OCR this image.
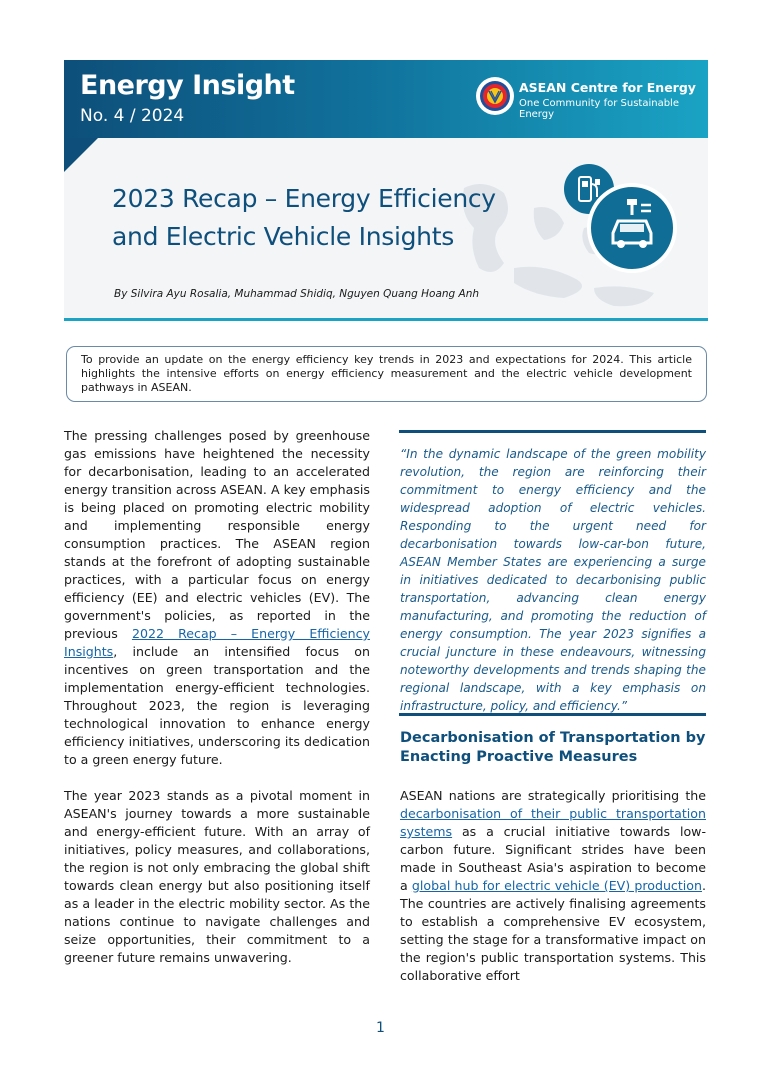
Energy Insight
No. 4 / 2024
ASEAN Centre for Energy
One Community for Sustainable Energy
2023 Recap – Energy Efficiency
and Electric Vehicle Insights
By Silvira Ayu Rosalia, Muhammad Shidiq, Nguyen Quang Hoang Anh
To provide an update on the energy efficiency key trends in 2023 and expectations for 2024. This article highlights the intensive efforts on energy efficiency measurement and the electric vehicle development pathways in ASEAN.

The pressing challenges posed by greenhouse gas emissions have heightened the necessity for decarbonisation, leading to an accelerated energy transition across ASEAN. A key emphasis is being placed on promoting electric mobility and implementing responsible energy consumption practices. The ASEAN region stands at the forefront of adopting sustainable practices, with a particular focus on energy efficiency (EE) and electric vehicles (EV). The government's policies, as reported in the previous 2022 Recap – Energy Efficiency Insights, include an intensified focus on incentives on green transportation and the implementation energy-efficient technologies. Throughout 2023, the region is leveraging technological innovation to enhance energy efficiency initiatives, underscoring its dedication to a green energy future.

The year 2023 stands as a pivotal moment in ASEAN's journey towards a more sustainable and energy-efficient future. With an array of initiatives, policy measures, and collaborations, the region is not only embracing the global shift towards clean energy but also positioning itself as a leader in the electric mobility sector. As the nations continue to navigate challenges and seize opportunities, their commitment to a greener future remains unwavering.

“In the dynamic landscape of the green mobility revolution, the region are reinforcing their commitment to energy efficiency and the widespread adoption of electric vehicles. Responding to the urgent need for decarbonisation towards low-car-bon future, ASEAN Member States are experiencing a surge in initiatives dedicated to decarbonising public transportation, advancing clean energy manufacturing, and promoting the reduction of energy consumption. The year 2023 signifies a crucial juncture in these endeavours, witnessing noteworthy developments and trends shaping the regional landscape, with a key emphasis on infrastructure, policy, and efficiency.”
Decarbonisation of Transportation by Enacting Proactive Measures
ASEAN nations are strategically prioritising the decarbonisation of their public transportation systems as a crucial initiative towards low-carbon future. Significant strides have been made in Southeast Asia's aspiration to become a global hub for electric vehicle (EV) production. The countries are actively finalising agreements to establish a comprehensive EV ecosystem, setting the stage for a transformative impact on the region's public transportation systems. This collaborative effort
1
